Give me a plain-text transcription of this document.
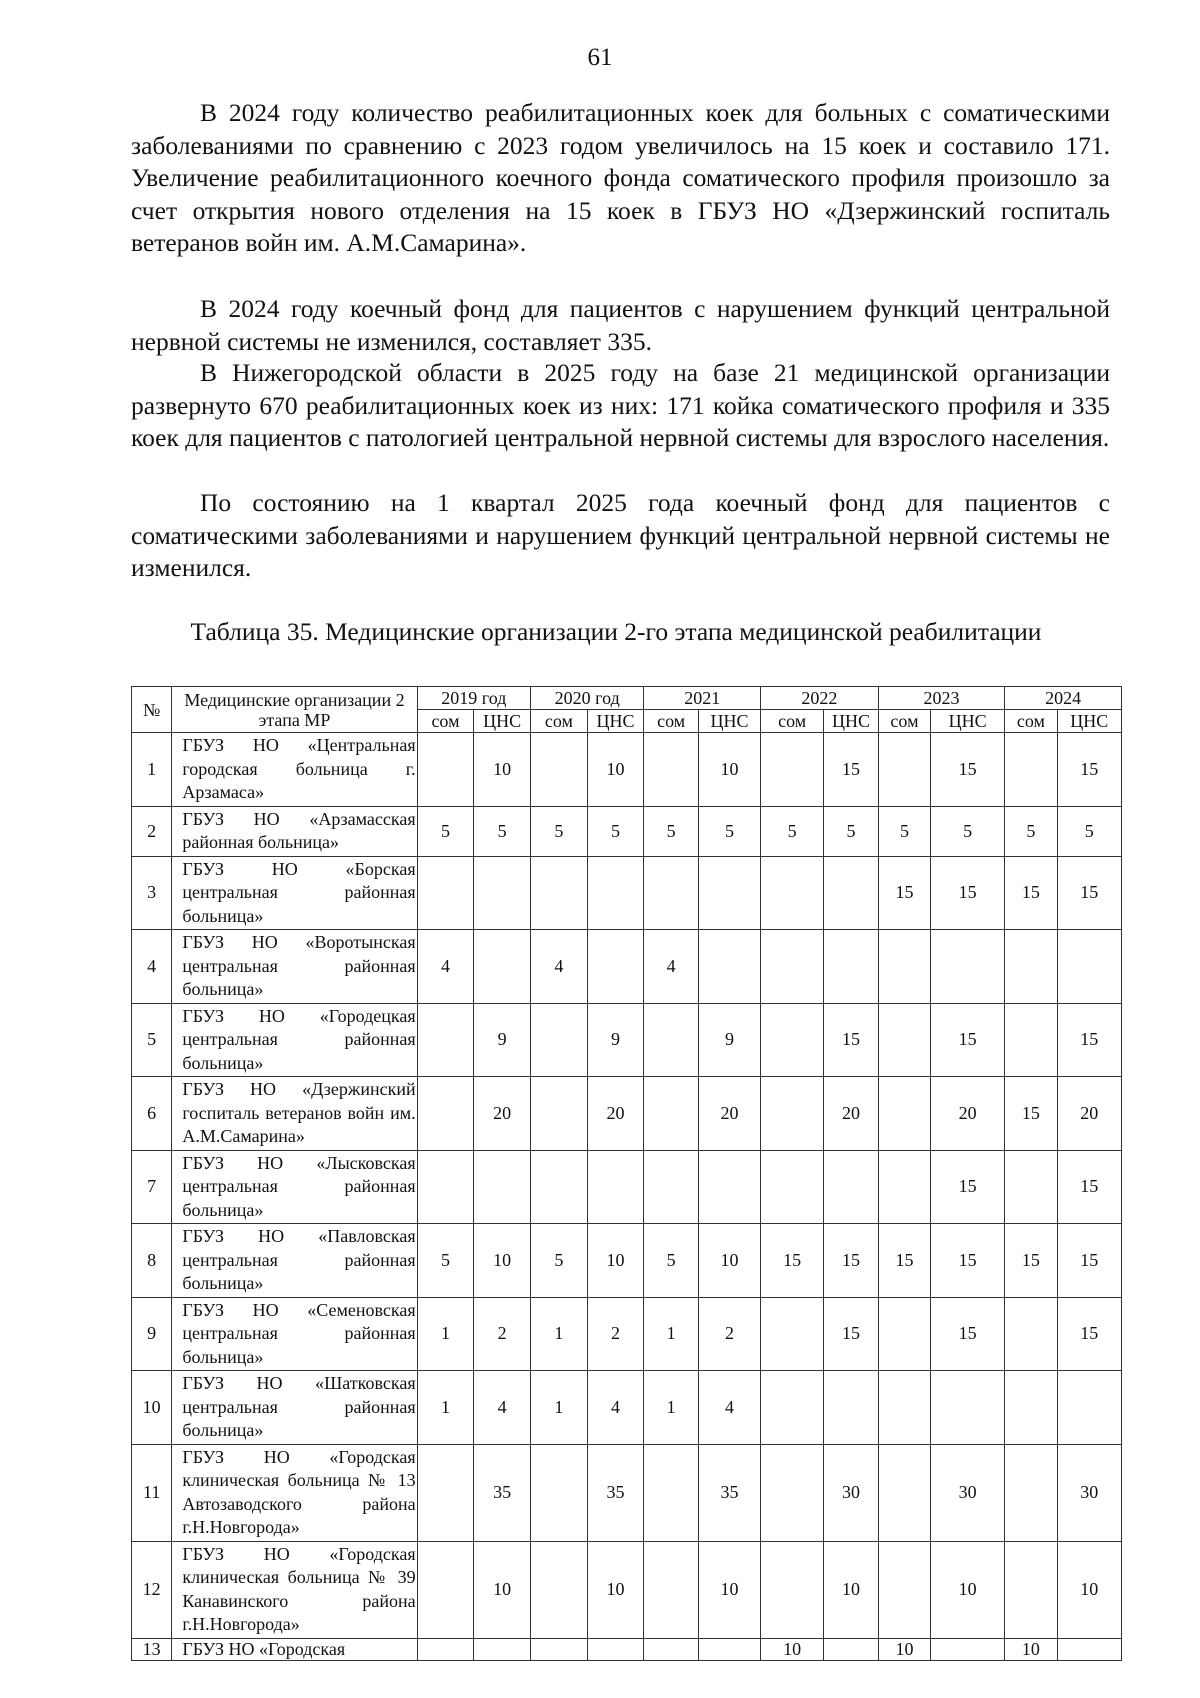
61

В 2024 году количество реабилитационных коек для больных с соматическими заболеваниями по сравнению с 2023 годом увеличилось на 15 коек и составило 171. Увеличение реабилитационного коечного фонда соматического профиля произошло за счет открытия нового отделения на 15 коек в ГБУЗ НО «Дзержинский госпиталь ветеранов войн им. А.М.Самарина».

В 2024 году коечный фонд для пациентов с нарушением функций центральной нервной системы не изменился, составляет 335.

В Нижегородской области в 2025 году на базе 21 медицинской организации развернуто 670 реабилитационных коек из них: 171 койка соматического профиля и 335 коек для пациентов с патологией центральной нервной системы для взрослого населения.

По состоянию на 1 квартал 2025 года коечный фонд для пациентов с соматическими заболеваниями и нарушением функций центральной нервной системы не изменился.

Таблица 35. Медицинские организации 2-го этапа медицинской реабилитации
№	Медицинские организации 2 этапа МР	2019 год		2020 год		2021		2022		2023		2024	
		сом	ЦНС	сом	ЦНС	сом	ЦНС	сом	ЦНС	сом	ЦНС	сом	ЦНС
1	ГБУЗ НО «Центральная городская больница г. Арзамаса»		10		10		10		15		15		15
2	ГБУЗ НО «Арзамасская районная больница»	5	5	5	5	5	5	5	5	5	5	5	5
3	ГБУЗ НО «Борская центральная районная больница»									15	15	15	15
4	ГБУЗ НО «Воротынская центральная районная больница»	4		4		4							
5	ГБУЗ НО «Городецкая центральная районная больница»		9		9		9		15		15		15
6	ГБУЗ НО «Дзержинский госпиталь ветеранов войн им. А.М.Самарина»		20		20		20		20		20	15	20
7	ГБУЗ НО «Лысковская центральная районная больница»										15		15
8	ГБУЗ НО «Павловская центральная районная больница»	5	10	5	10	5	10	15	15	15	15	15	15
9	ГБУЗ НО «Семеновская центральная районная больница»	1	2	1	2	1	2		15		15		15
10	ГБУЗ НО «Шатковская центральная районная больница»	1	4	1	4	1	4						
11	ГБУЗ НО «Городская клиническая больница № 13 Автозаводского района г.Н.Новгорода»		35		35		35		30		30		30
12	ГБУЗ НО «Городская клиническая больница № 39 Канавинского района г.Н.Новгорода»		10		10		10		10		10		10
13	ГБУЗ НО «Городская							10		10		10	
